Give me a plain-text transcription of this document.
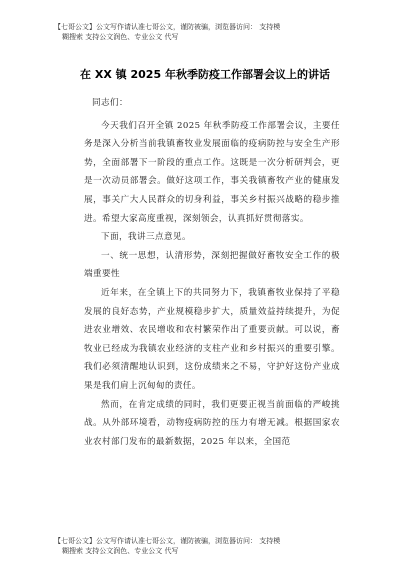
【七哥公文】公文写作请认准七哥公文，谨防被骗，浏览器访问： 支持模
糊搜索 支持公文润色、专业公文 代写
在 XX 镇 2025 年秋季防疫工作部署会议上的讲话

同志们：

今天我们召开全镇 2025 年秋季防疫工作部署会议，主要任务是深入分析当前我镇畜牧业发展面临的疫病防控与安全生产形势，全面部署下一阶段的重点工作。这既是一次分析研判会，更是一次动员部署会。做好这项工作，事关我镇畜牧产业的健康发展，事关广大人民群众的切身利益，事关乡村振兴战略的稳步推进。希望大家高度重视，深刻领会，认真抓好贯彻落实。

下面，我讲三点意见。

一、统一思想，认清形势，深刻把握做好畜牧安全工作的极端重要性

近年来，在全镇上下的共同努力下，我镇畜牧业保持了平稳发展的良好态势，产业规模稳步扩大，质量效益持续提升，为促进农业增效、农民增收和农村繁荣作出了重要贡献。可以说，畜牧业已经成为我镇农业经济的支柱产业和乡村振兴的重要引擎。我们必须清醒地认识到，这份成绩来之不易，守护好这份产业成果是我们肩上沉甸甸的责任。

然而，在肯定成绩的同时，我们更要正视当前面临的严峻挑战。从外部环境看，动物疫病防控的压力有增无减。根据国家农业农村部门发布的最新数据，2025 年以来，全国范

【七哥公文】公文写作请认准七哥公文，谨防被骗，浏览器访问： 支持模
糊搜索 支持公文润色、专业公文 代写
